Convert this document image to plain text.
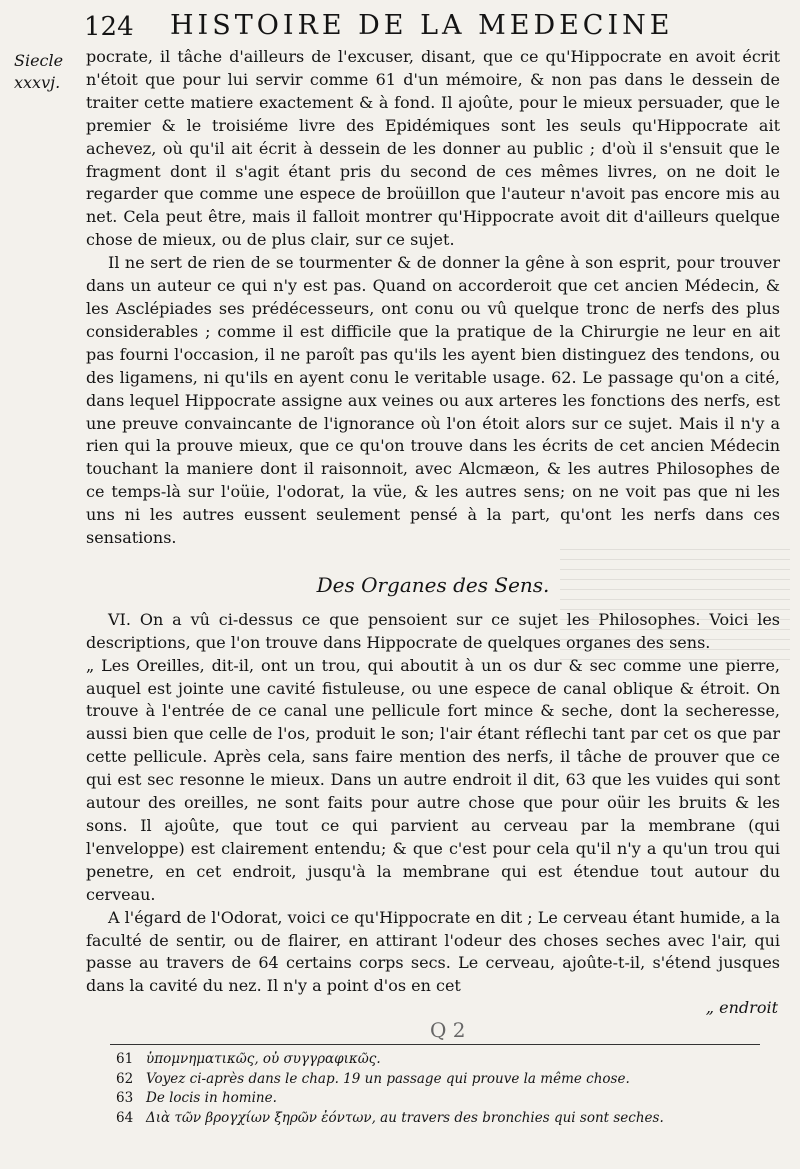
124 HISTOIRE DE LA MEDECINE
Siecle xxxvj.

pocrate, il tâche d'ailleurs de l'excuser, disant, que ce qu'Hippocrate en avoit écrit n'étoit que pour lui servir comme 61 d'un mémoire, & non pas dans le dessein de traiter cette matiere exactement & à fond. Il ajoûte, pour le mieux persuader, que le premier & le troisiéme livre des Epidémiques sont les seuls qu'Hippocrate ait achevez, où qu'il ait écrit à dessein de les donner au public ; d'où il s'ensuit que le fragment dont il s'agit étant pris du second de ces mêmes livres, on ne doit le regarder que comme une espece de broüillon que l'auteur n'avoit pas encore mis au net. Cela peut être, mais il falloit montrer qu'Hippocrate avoit dit d'ailleurs quelque chose de mieux, ou de plus clair, sur ce sujet.

Il ne sert de rien de se tourmenter & de donner la gêne à son esprit, pour trouver dans un auteur ce qui n'y est pas. Quand on accorderoit que cet ancien Médecin, & les Asclépiades ses prédécesseurs, ont conu ou vû quelque tronc de nerfs des plus considerables ; comme il est difficile que la pratique de la Chirurgie ne leur en ait pas fourni l'occasion, il ne paroît pas qu'ils les ayent bien distinguez des tendons, ou des ligamens, ni qu'ils en ayent conu le veritable usage. 62. Le passage qu'on a cité, dans lequel Hippocrate assigne aux veines ou aux arteres les fonctions des nerfs, est une preuve convaincante de l'ignorance où l'on étoit alors sur ce sujet. Mais il n'y a rien qui la prouve mieux, que ce qu'on trouve dans les écrits de cet ancien Médecin touchant la maniere dont il raisonnoit, avec Alcmæon, & les autres Philosophes de ce temps-là sur l'oüie, l'odorat, la vüe, & les autres sens; on ne voit pas que ni les uns ni les autres eussent seulement pensé à la part, qu'ont les nerfs dans ces sensations.

Des Organes des Sens.

VI. On a vû ci-dessus ce que pensoient sur ce sujet les Philosophes. Voici les descriptions, que l'on trouve dans Hippocrate de quelques organes des sens.

„ Les Oreilles, dit-il, ont un trou, qui aboutit à un os dur & sec comme une pierre, auquel est jointe une cavité fistuleuse, ou une espece de canal oblique & étroit. On trouve à l'entrée de ce canal une pellicule fort mince & seche, dont la secheresse, aussi bien que celle de l'os, produit le son; l'air étant réflechi tant par cet os que par cette pellicule. Après cela, sans faire mention des nerfs, il tâche de prouver que ce qui est sec resonne le mieux. Dans un autre endroit il dit, 63 que les vuides qui sont autour des oreilles, ne sont faits pour autre chose que pour oüir les bruits & les sons. Il ajoûte, que tout ce qui parvient au cerveau par la membrane (qui l'enveloppe) est clairement entendu; & que c'est pour cela qu'il n'y a qu'un trou qui penetre, en cet endroit, jusqu'à la membrane qui est étendue tout autour du cerveau.

A l'égard de l'Odorat, voici ce qu'Hippocrate en dit ; Le cerveau étant humide, a la faculté de sentir, ou de flairer, en attirant l'odeur des choses seches avec l'air, qui passe au travers de 64 certains corps secs. Le cerveau, ajoûte-t-il, s'étend jusques dans la cavité du nez. Il n'y a point d'os en cet

„ endroit
Q 2
61 ὑπομνηματικῶς, οὐ συγγραφικῶς.
62 Voyez ci-après dans le chap. 19 un passage qui prouve la même chose.
63 De locis in homine.
64 Διὰ τῶν βρογχίων ξηρῶν ἐόντων, au travers des bronchies qui sont seches.
